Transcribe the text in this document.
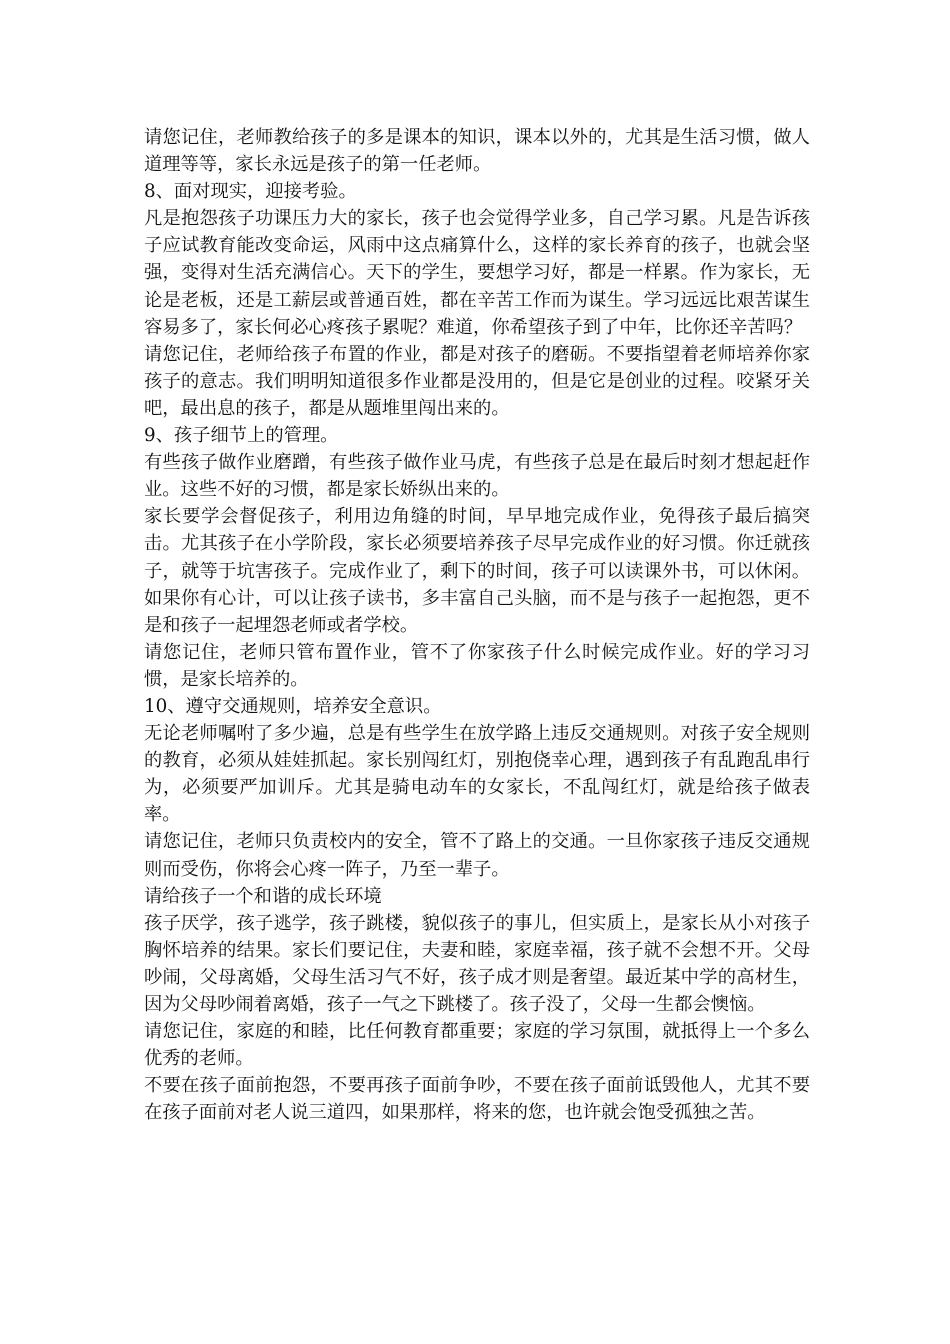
请您记住，老师教给孩子的多是课本的知识，课本以外的，尤其是生活习惯，做人道理等等，家长永远是孩子的第一任老师。

8、面对现实，迎接考验。

凡是抱怨孩子功课压力大的家长，孩子也会觉得学业多，自己学习累。凡是告诉孩子应试教育能改变命运，风雨中这点痛算什么，这样的家长养育的孩子，也就会坚强，变得对生活充满信心。天下的学生，要想学习好，都是一样累。作为家长，无论是老板，还是工薪层或普通百姓，都在辛苦工作而为谋生。学习远远比艰苦谋生容易多了，家长何必心疼孩子累呢？难道，你希望孩子到了中年，比你还辛苦吗？

请您记住，老师给孩子布置的作业，都是对孩子的磨砺。不要指望着老师培养你家孩子的意志。我们明明知道很多作业都是没用的，但是它是创业的过程。咬紧牙关吧，最出息的孩子，都是从题堆里闯出来的。

9、孩子细节上的管理。

有些孩子做作业磨蹭，有些孩子做作业马虎，有些孩子总是在最后时刻才想起赶作业。这些不好的习惯，都是家长娇纵出来的。

家长要学会督促孩子，利用边角缝的时间，早早地完成作业，免得孩子最后搞突击。尤其孩子在小学阶段，家长必须要培养孩子尽早完成作业的好习惯。你迁就孩子，就等于坑害孩子。完成作业了，剩下的时间，孩子可以读课外书，可以休闲。如果你有心计，可以让孩子读书，多丰富自己头脑，而不是与孩子一起抱怨，更不是和孩子一起埋怨老师或者学校。

请您记住，老师只管布置作业，管不了你家孩子什么时候完成作业。好的学习习惯，是家长培养的。

10、遵守交通规则，培养安全意识。

无论老师嘱咐了多少遍，总是有些学生在放学路上违反交通规则。对孩子安全规则的教育，必须从娃娃抓起。家长别闯红灯，别抱侥幸心理，遇到孩子有乱跑乱串行为，必须要严加训斥。尤其是骑电动车的女家长，不乱闯红灯，就是给孩子做表率。

请您记住，老师只负责校内的安全，管不了路上的交通。一旦你家孩子违反交通规则而受伤，你将会心疼一阵子，乃至一辈子。

请给孩子一个和谐的成长环境

孩子厌学，孩子逃学，孩子跳楼，貌似孩子的事儿，但实质上，是家长从小对孩子胸怀培养的结果。家长们要记住，夫妻和睦，家庭幸福，孩子就不会想不开。父母吵闹，父母离婚，父母生活习气不好，孩子成才则是奢望。最近某中学的高材生，因为父母吵闹着离婚，孩子一气之下跳楼了。孩子没了，父母一生都会懊恼。

请您记住，家庭的和睦，比任何教育都重要；家庭的学习氛围，就抵得上一个多么优秀的老师。

不要在孩子面前抱怨，不要再孩子面前争吵，不要在孩子面前诋毁他人，尤其不要在孩子面前对老人说三道四，如果那样，将来的您，也许就会饱受孤独之苦。
